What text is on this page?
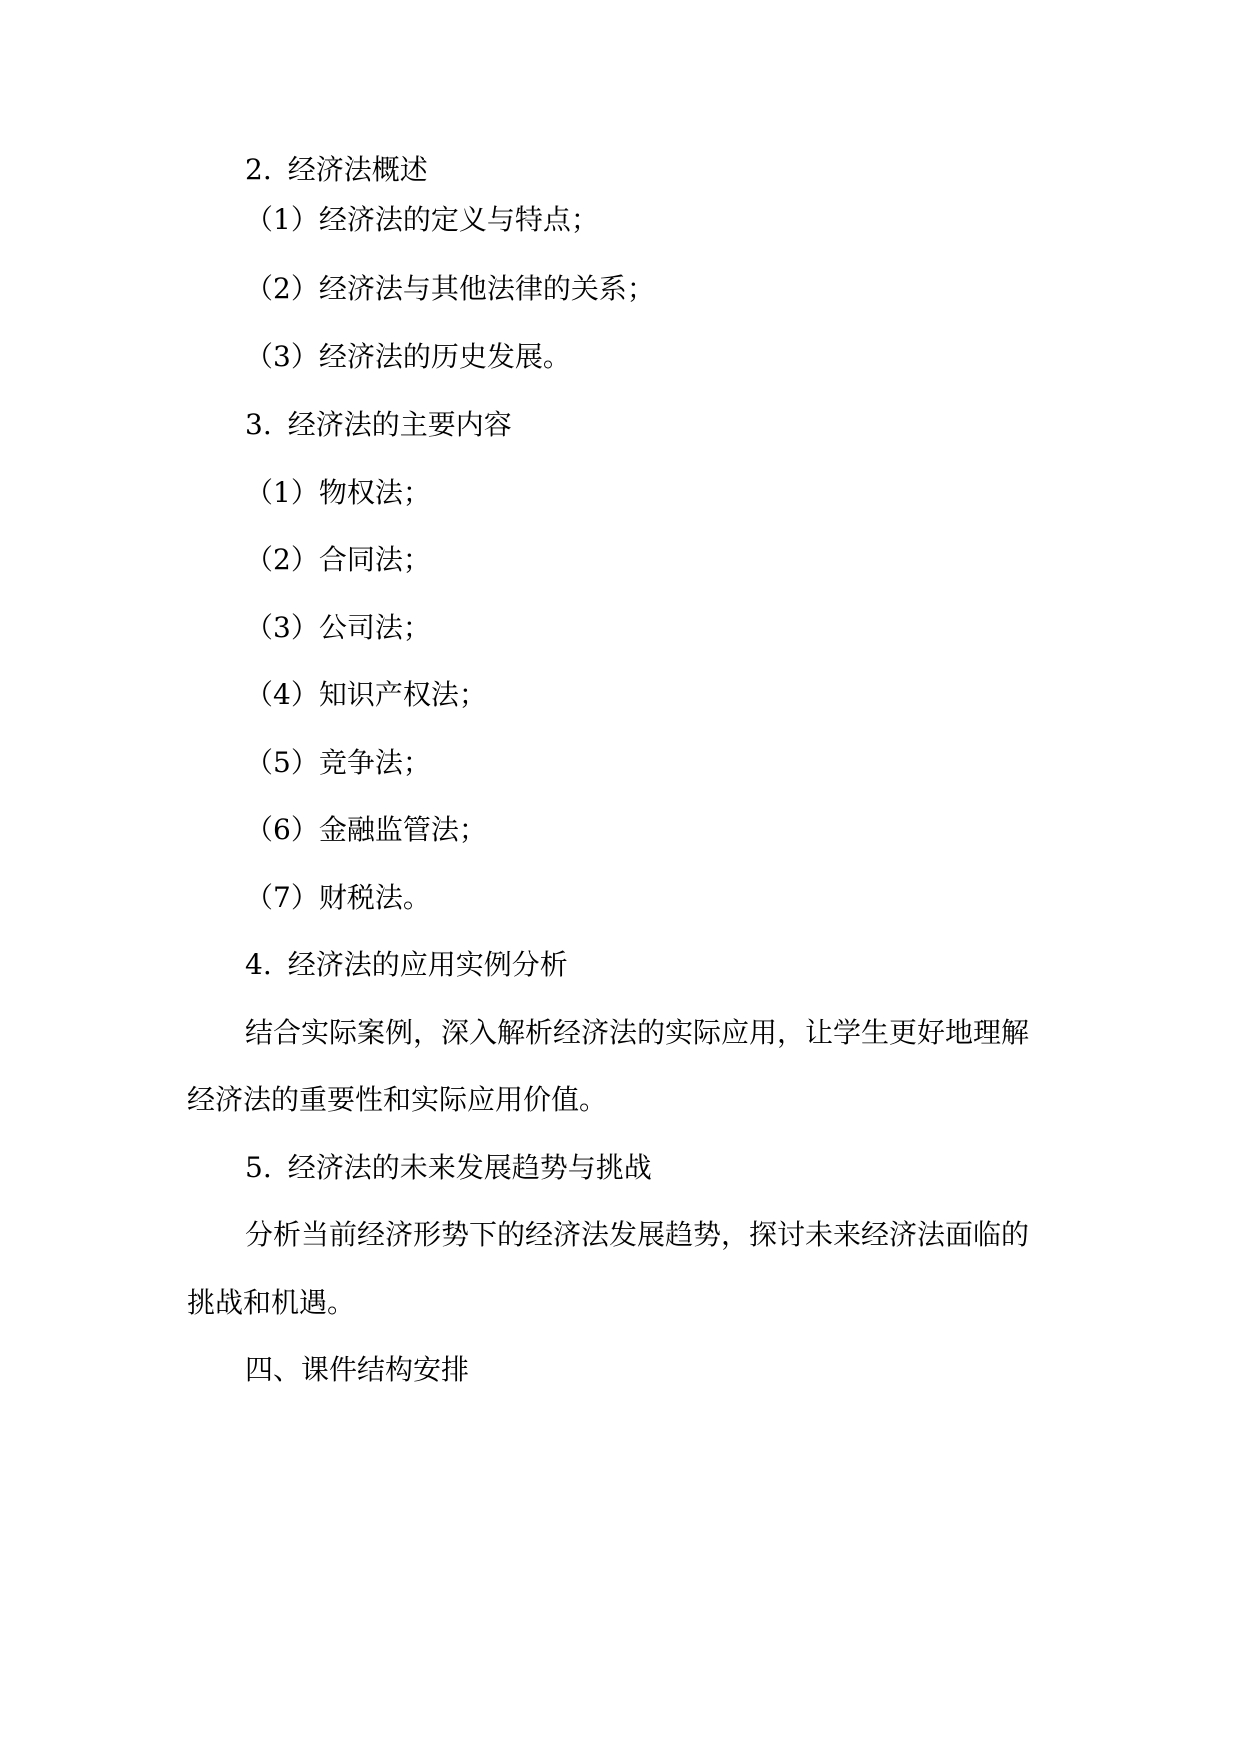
2. 经济法概述
（1）经济法的定义与特点；
（2）经济法与其他法律的关系；
（3）经济法的历史发展。
3. 经济法的主要内容
（1）物权法；
（2）合同法；
（3）公司法；
（4）知识产权法；
（5）竞争法；
（6）金融监管法；
（7）财税法。
4. 经济法的应用实例分析
结合实际案例，深入解析经济法的实际应用，让学生更好地理解
经济法的重要性和实际应用价值。
5. 经济法的未来发展趋势与挑战
分析当前经济形势下的经济法发展趋势，探讨未来经济法面临的
挑战和机遇。
四、课件结构安排
